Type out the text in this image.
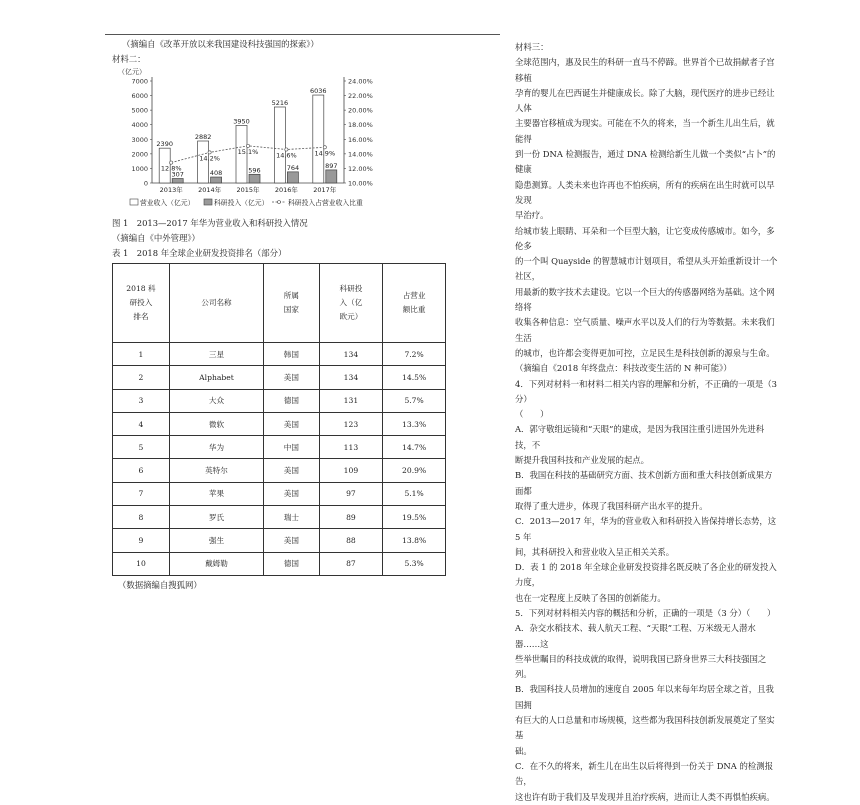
（摘编自《改革开放以来我国建设科技强国的探索》）
材料二：
（亿元）
7000
6000
5000
4000
3000
2000
1000
0
24.00%
22.00%
20.00%
18.00%
16.00%
14.00%
12.00%
10.00%
2390
307
2013年
2882
408
2014年
3950
596
2015年
5216
764
2016年
6036
897
2017年
12.8%
14.2%
15.1%	14.6%	14.9%
营业收入（亿元）	科研投入（亿元）	科研投入占营业收入比重
图 1　2013—2017 年华为营业收入和科研投入情况
（摘编自《中外管理》）
表 1　2018 年全球企业研发投资排名（部分）
2018 科
研投入
排名	公司名称	所属
国家	科研投
入（亿
欧元）	占营业
额比重
1	三星	韩国	134	7.2%
2	Alphabet	美国	134	14.5%
3	大众	德国	131	5.7%
4	微软	美国	123	13.3%
5	华为	中国	113	14.7%
6	英特尔	美国	109	20.9%
7	苹果	美国	97	5.1%
8	罗氏	瑞士	89	19.5%
9	强生	美国	88	13.8%
10	戴姆勒	德国	87	5.3%
（数据摘编自搜狐网）

材料三：

全球范围内，惠及民生的科研一直马不停蹄。世界首个已故捐献者子宫移植

孕育的婴儿在巴西诞生并健康成长。除了大脑，现代医疗的进步已经让人体

主要器官移植成为现实。可能在不久的将来，当一个新生儿出生后，就能得

到一份 DNA 检测报告，通过 DNA 检测给新生儿做一个类似“占卜”的健康

隐患测算。人类未来也许再也不怕疾病，所有的疾病在出生时就可以早发现

早治疗。

给城市装上眼睛、耳朵和一个巨型大脑，让它变成传感城市。如今，多伦多

的一个叫 Quayside 的智慧城市计划项目，希望从头开始重新设计一个社区，

用最新的数字技术去建设。它以一个巨大的传感器网络为基础。这个网络将

收集各种信息：空气质量、噪声水平以及人们的行为等数据。未来我们生活

的城市，也许都会变得更加可控，立足民生是科技创新的源泉与生命。

（摘编自《2018 年终盘点：科技改变生活的 N 种可能》）

4．下列对材料一和材料二相关内容的理解和分析，不正确的一项是（3 分）

（　　）

A．郭守敬组远镜和“天眼”的建成，是因为我国注重引进国外先进科技，不

断提升我国科技和产业发展的起点。

B．我国在科技的基础研究方面、技术创新方面和重大科技创新成果方面都

取得了重大进步，体现了我国科研产出水平的提升。

C．2013—2017 年，华为的营业收入和科研投入皆保持增长态势，这 5 年

间，其科研投入和营业收入呈正相关关系。

D．表 1 的 2018 年全球企业研发投资排名既反映了各企业的研发投入力度，

也在一定程度上反映了各国的创新能力。

5．下列对材料相关内容的概括和分析，正确的一项是（3 分）（　　）

A．杂交水稻技术、载人航天工程、“天眼”工程、万米级无人潜水器……这

些举世瞩目的科技成就的取得，说明我国已跻身世界三大科技强国之列。

B．我国科技人员增加的速度自 2005 年以来每年均居全球之首，且我国拥

有巨大的人口总量和市场规模，这些都为我国科技创新发展奠定了坚实基

础。

C．在不久的将来，新生儿在出生以后将得到一份关于 DNA 的检测报告，

这也许有助于我们及早发现并且治疗疾病，进而让人类不再惧怕疾病。
